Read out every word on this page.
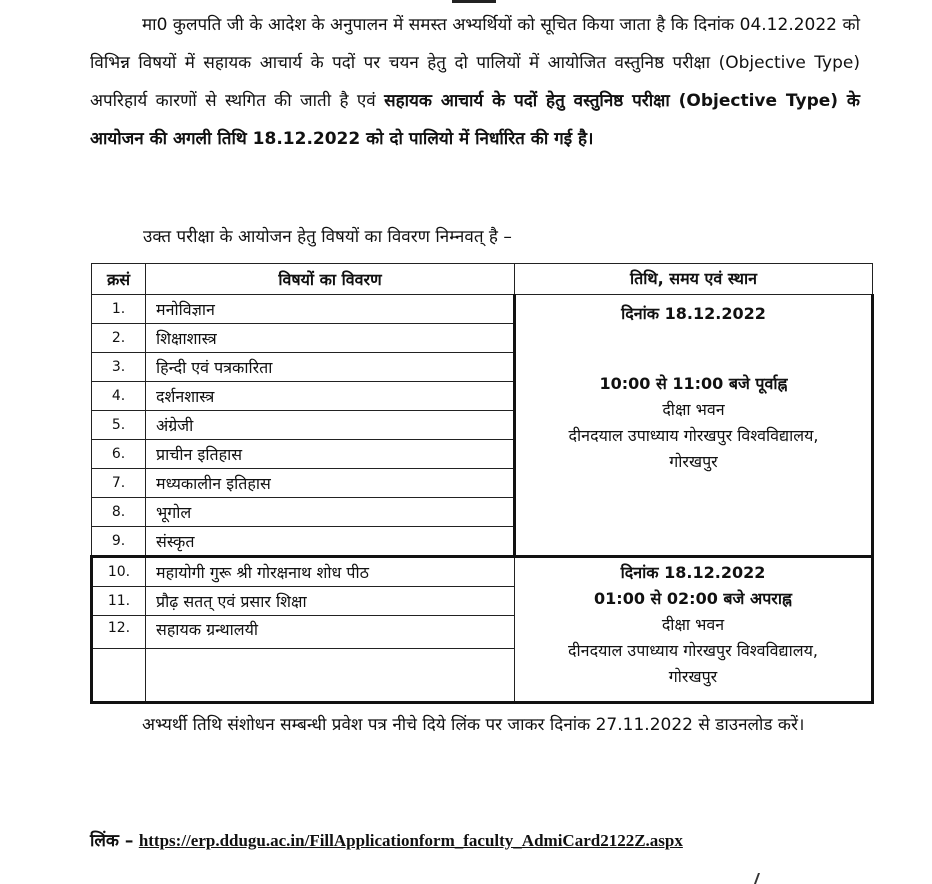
मा0 कुलपति जी के आदेश के अनुपालन में समस्त अभ्यर्थियों को सूचित किया जाता है कि दिनांक 04.12.2022 को विभिन्न विषयों में सहायक आचार्य के पदों पर चयन हेतु दो पालियों में आयोजित वस्तुनिष्ठ परीक्षा (Objective Type) अपरिहार्य कारणों से स्थगित की जाती है एवं सहायक आचार्य के पदों हेतु वस्तुनिष्ठ परीक्षा (Objective Type) के आयोजन की अगली तिथि 18.12.2022 को दो पालियो में निर्धारित की गई है।

उक्त परीक्षा के आयोजन हेतु विषयों का विवरण निम्नवत् है –

क्रसं	विषयों का विवरण	तिथि, समय एवं स्थान
1.	मनोविज्ञान	दिनांक 18.12.2022
10:00 से 11:00 बजे पूर्वाह्न
दीक्षा भवन
दीनदयाल उपाध्याय गोरखपुर विश्वविद्यालय,
गोरखपुर

2.	शिक्षाशास्त्र	
3.	हिन्दी एवं पत्रकारिता	
4.	दर्शनशास्त्र	
5.	अंग्रेजी	
6.	प्राचीन इतिहास	
7.	मध्यकालीन इतिहास	
8.	भूगोल	
9.	संस्कृत	
10.	महायोगी गुरू श्री गोरक्षनाथ शोध पीठ	दिनांक 18.12.2022
01:00 से 02:00 बजे अपराह्न
दीक्षा भवन
दीनदयाल उपाध्याय गोरखपुर विश्वविद्यालय,
गोरखपुर

11.	प्रौढ़ सतत् एवं प्रसार शिक्षा	
12.	सहायक ग्रन्थालयी	

अभ्यर्थी तिथि संशोधन सम्बन्धी प्रवेश पत्र नीचे दिये लिंक पर जाकर दिनांक 27.11.2022 से डाउनलोड करें।

लिंक – https://erp.ddugu.ac.in/FillApplicationform_faculty_AdmiCard2122Z.aspx
